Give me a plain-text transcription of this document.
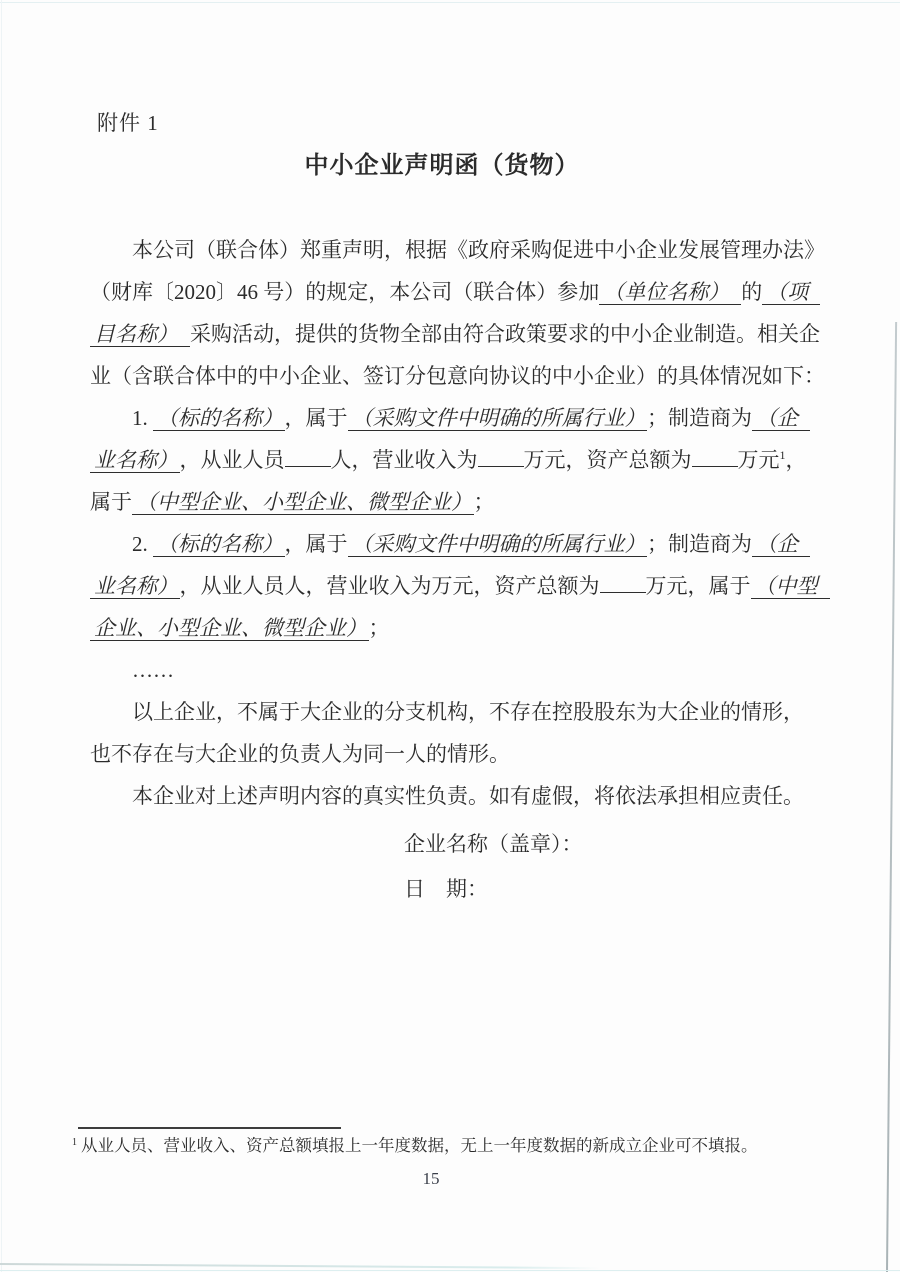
附件 1
中小企业声明函（货物）
本公司（联合体）郑重声明，根据《政府采购促进中小企业发展管理办法》
（财库〔2020〕46 号）的规定，本公司（联合体）参加 （单位名称） 的 （项
目名称） 采购活动，提供的货物全部由符合政策要求的中小企业制造。相关企
业（含联合体中的中小企业、签订分包意向协议的中小企业）的具体情况如下：
1. （标的名称） ，属于 （采购文件中明确的所属行业） ；制造商为 （企
业名称） ，从业人员 人，营业收入为 万元，资产总额为 万元$^1$，
属于 （中型企业、小型企业、微型企业） ；
2. （标的名称） ，属于 （采购文件中明确的所属行业） ；制造商为 （企
业名称） ，从业人员人，营业收入为万元，资产总额为 万元，属于 （中型
企业、小型企业、微型企业） ；
……
以上企业，不属于大企业的分支机构，不存在控股股东为大企业的情形，
也不存在与大企业的负责人为同一人的情形。
本企业对上述声明内容的真实性负责。如有虚假，将依法承担相应责任。
企业名称（盖章）：
日　期：
$^1$ 从业人员、营业收入、资产总额填报上一年度数据，无上一年度数据的新成立企业可不填报。
15
